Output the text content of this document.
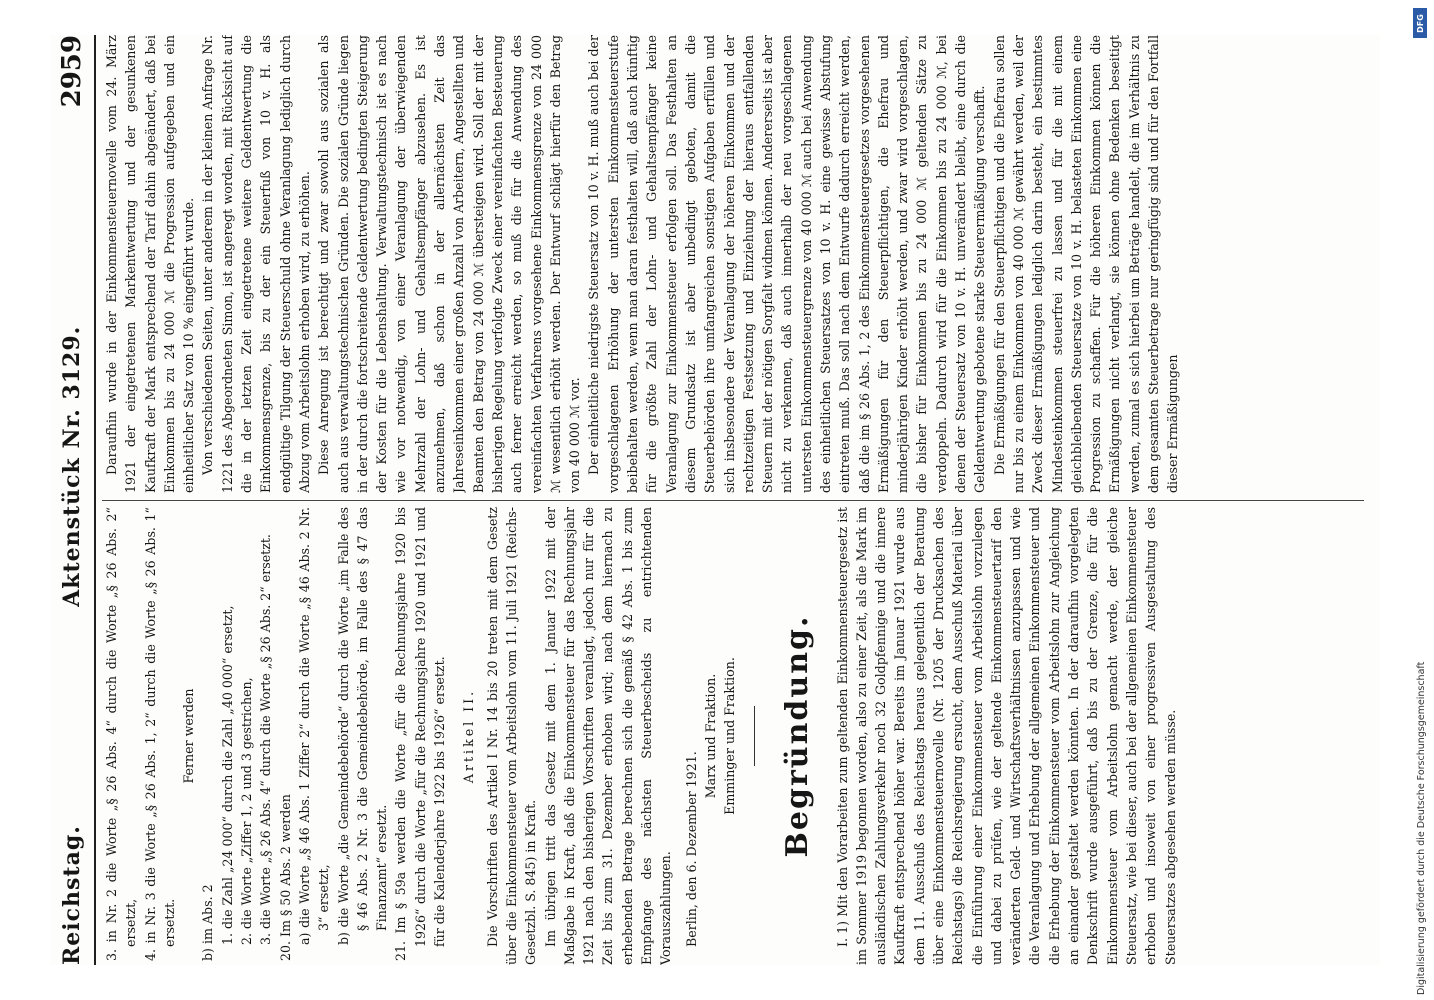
Reichstag.
Aktenstück Nr. 3129.
2959

3. in Nr. 2 die Worte „§ 26 Abs. 4“ durch die Worte „§ 26 Abs. 2“ ersetzt, 4. in Nr. 3 die Worte „§ 26 Abs. 1, 2“ durch die Worte „§ 26 Abs. 1“ ersetzt.

Ferner werden

b) im Abs. 2 1. die Zahl „24 000“ durch die Zahl „40 000“ ersetzt, 2. die Worte „Ziffer 1, 2 und 3 gestrichen, 3. die Worte „§ 26 Abs. 4“ durch die Worte „§ 26 Abs. 2“ ersetzt. 20. Im § 50 Abs. 2 werden a) die Worte „§ 46 Abs. 1 Ziffer 2“ durch die Worte „§ 46 Abs. 2 Nr. 3“ ersetzt, b) die Worte „die Gemeindebehörde“ durch die Worte „im Falle des § 46 Abs. 2 Nr. 3 die Gemeindebehörde, im Falle des § 47 das Finanzamt“ ersetzt. 21. Im § 59a werden die Worte „für die Rechnungsjahre 1920 bis 1926“ durch die Worte „für die Rechnungsjahre 1920 und 1921 und für die Kalenderjahre 1922 bis 1926“ ersetzt. Artikel II. Die Vorschriften des Artikel I Nr. 14 bis 20 treten mit dem Gesetz über die Einkommensteuer vom Arbeitslohn vom 11. Juli 1921 (Reichs-Gesetzbl. S. 845) in Kraft. Im übrigen tritt das Gesetz mit dem 1. Januar 1922 mit der Maßgabe in Kraft, daß die Einkommensteuer für das Rechnungsjahr 1921 nach den bisherigen Vorschriften veranlagt, jedoch nur für die Zeit bis zum 31. Dezember erhoben wird; nach dem hiernach zu erhebenden Betrage berechnen sich die gemäß § 42 Abs. 1 bis zum Empfange des nächsten Steuerbescheids zu entrichtenden Vorauszahlungen. Berlin, den 6. Dezember 1921.

Marx und Fraktion. Emminger und Fraktion. Begründung. I. 1) Mit den Vorarbeiten zum geltenden Einkommensteuergesetz ist im Sommer 1919 begonnen worden, also zu einer Zeit, als die Mark im ausländischen Zahlungsverkehr noch 32 Goldpfennige und die innere Kaufkraft entsprechend höher war. Bereits im Januar 1921 wurde aus dem 11. Ausschuß des Reichstags heraus gelegentlich der Beratung über eine Einkommensteuernovelle (Nr. 1205 der Drucksachen des Reichstags) die Reichsregierung ersucht, dem Ausschuß Material über die Einführung einer Einkommensteuer vom Arbeitslohn vorzulegen und dabei zu prüfen, wie der geltende Einkommensteuertarif den veränderten Geld- und Wirtschaftsverhältnissen anzupassen und wie die Veranlagung und Erhebung der allgemeinen Einkommensteuer und die Erhebung der Einkommensteuer vom Arbeitslohn zur Angleichung an einander gestaltet werden könnten. In der daraufhin vorgelegten Denkschrift wurde ausgeführt, daß bis zu der Grenze, die für die Einkommensteuer vom Arbeitslohn gemacht werde, der gleiche Steuersatz, wie bei dieser, auch bei der allgemeinen Einkommensteuer erhoben und insoweit von einer progressiven Ausgestaltung des Steuersatzes abgesehen werden müsse.

Daraufhin wurde in der Einkommensteuernovelle vom 24. März 1921 der eingetretenen Markentwertung und der gesunkenen Kaufkraft der Mark entsprechend der Tarif dahin abgeändert, daß bei Einkommen bis zu 24 000 ℳ die Progression aufgegeben und ein einheitlicher Satz von 10 % eingeführt wurde. Von verschiedenen Seiten, unter anderem in der kleinen Anfrage Nr. 1221 des Abgeordneten Simon, ist angeregt worden, mit Rücksicht auf die in der letzten Zeit eingetretene weitere Geldentwertung die Einkommensgrenze, bis zu der ein Steuerfuß von 10 v. H. als endgültige Tilgung der Steuerschuld ohne Veranlagung lediglich durch Abzug vom Arbeitslohn erhoben wird, zu erhöhen. Diese Anregung ist berechtigt und zwar sowohl aus sozialen als auch aus verwaltungstechnischen Gründen. Die sozialen Gründe liegen in der durch die fortschreitende Geldentwertung bedingten Steigerung der Kosten für die Lebenshaltung. Verwaltungstechnisch ist es nach wie vor notwendig, von einer Veranlagung der überwiegenden Mehrzahl der Lohn- und Gehaltsempfänger abzusehen. Es ist anzunehmen, daß schon in der allernächsten Zeit das Jahreseinkommen einer großen Anzahl von Arbeitern, Angestellten und Beamten den Betrag von 24 000 ℳ übersteigen wird. Soll der mit der bisherigen Regelung verfolgte Zweck einer vereinfachten Besteuerung auch ferner erreicht werden, so muß die für die Anwendung des vereinfachten Verfahrens vorgesehene Einkommensgrenze von 24 000 ℳ wesentlich erhöht werden. Der Entwurf schlägt hierfür den Betrag von 40 000 ℳ vor. Der einheitliche niedrigste Steuersatz von 10 v. H. muß auch bei der vorgeschlagenen Erhöhung der untersten Einkommensteuerstufe beibehalten werden, wenn man daran festhalten will, daß auch künftig für die größte Zahl der Lohn- und Gehaltsempfänger keine Veranlagung zur Einkommensteuer erfolgen soll. Das Festhalten an diesem Grundsatz ist aber unbedingt geboten, damit die Steuerbehörden ihre umfangreichen sonstigen Aufgaben erfüllen und sich insbesondere der Veranlagung der höheren Einkommen und der rechtzeitigen Festsetzung und Einziehung der hieraus entfallenden Steuern mit der nötigen Sorgfalt widmen können. Andererseits ist aber nicht zu verkennen, daß auch innerhalb der neu vorgeschlagenen untersten Einkommensteuergrenze von 40 000 ℳ auch bei Anwendung des einheitlichen Steuersatzes von 10 v. H. eine gewisse Abstufung eintreten muß. Das soll nach dem Entwurfe dadurch erreicht werden, daß die im § 26 Abs. 1, 2 des Einkommensteuergesetzes vorgesehenen Ermäßigungen für den Steuerpflichtigen, die Ehefrau und minderjährigen Kinder erhöht werden, und zwar wird vorgeschlagen, die bisher für Einkommen bis zu 24 000 ℳ geltenden Sätze zu verdoppeln. Dadurch wird für die Einkommen bis zu 24 000 ℳ, bei denen der Steuersatz von 10 v. H. unverändert bleibt, eine durch die Geldentwertung gebotene starke Steuerermäßigung verschafft. Die Ermäßigungen für den Steuerpflichtigen und die Ehefrau sollen nur bis zu einem Einkommen von 40 000 ℳ gewährt werden, weil der Zweck dieser Ermäßigungen lediglich darin besteht, ein bestimmtes Mindesteinkommen steuerfrei zu lassen und für die mit einem gleichbleibenden Steuersatze von 10 v. H. belasteten Einkommen eine Progression zu schaffen. Für die höheren Einkommen können die Ermäßigungen nicht verlangt, sie können ohne Bedenken beseitigt werden, zumal es sich hierbei um Beträge handelt, die im Verhältnis zu dem gesamten Steuerbetrage nur geringfügig sind und für den Fortfall dieser Ermäßigungen

DFG
Digitalisierung gefördert durch die Deutsche Forschungsgemeinschaft
